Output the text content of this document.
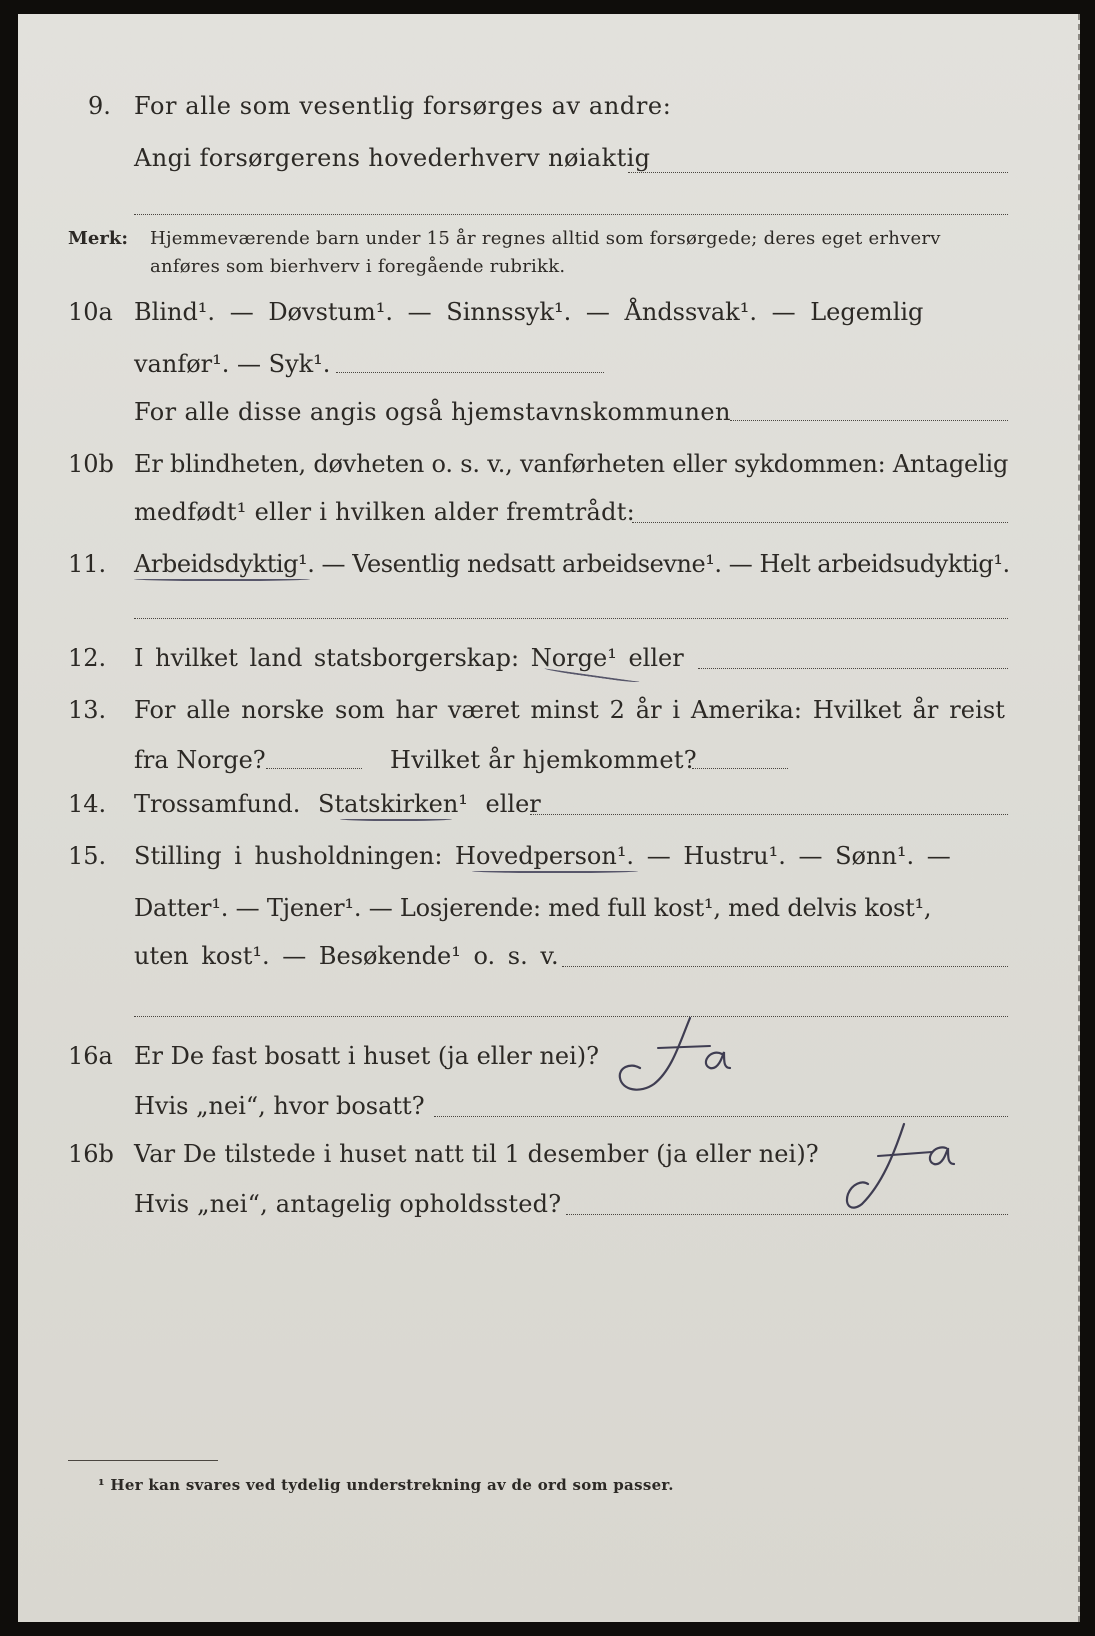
9. For alle som vesentlig forsørges av andre:
Angi forsørgerens hovederhverv nøiaktig
Merk: Hjemmeværende barn under 15 år regnes alltid som forsørgede; deres eget erhverv
anføres som bierhverv i foregående rubrikk.
10a Blind¹. — Døvstum¹. — Sinnssyk¹. — Åndssvak¹. — Legemlig
vanfør¹. — Syk¹.
For alle disse angis også hjemstavnskommunen
10b Er blindheten, døvheten o. s. v., vanførheten eller sykdommen: Antagelig
medfødt¹ eller i hvilken alder fremtrådt:
11. Arbeidsdyktig¹. — Vesentlig nedsatt arbeidsevne¹. — Helt arbeidsudyktig¹.
12. I hvilket land statsborgerskap: Norge¹ eller
13. For alle norske som har været minst 2 år i Amerika: Hvilket år reist
fra Norge?	Hvilket år hjemkommet?
14. Trossamfund. Statskirken¹ eller
15. Stilling i husholdningen: Hovedperson¹. — Hustru¹. — Sønn¹. —
Datter¹. — Tjener¹. — Losjerende: med full kost¹, med delvis kost¹,
uten kost¹. — Besøkende¹ o. s. v.
16a Er De fast bosatt i huset (ja eller nei)?
Hvis „nei“, hvor bosatt?
16b Var De tilstede i huset natt til 1 desember (ja eller nei)?
Hvis „nei“, antagelig opholdssted?
¹ Her kan svares ved tydelig understrekning av de ord som passer.
